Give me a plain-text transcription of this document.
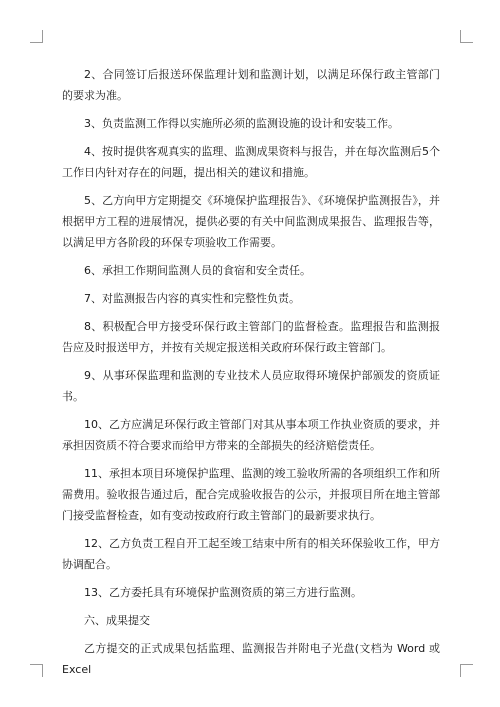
2、合同签订后报送环保监理计划和监测计划，以满足环保行政主管部门的要求为准。

3、负责监测工作得以实施所必须的监测设施的设计和安装工作。

4、按时提供客观真实的监理、监测成果资料与报告，并在每次监测后5个工作日内针对存在的问题，提出相关的建议和措施。

5、乙方向甲方定期提交《环境保护监理报告》、《环境保护监测报告》，并根据甲方工程的进展情况，提供必要的有关中间监测成果报告、监理报告等，以满足甲方各阶段的环保专项验收工作需要。

6、承担工作期间监测人员的食宿和安全责任。

7、对监测报告内容的真实性和完整性负责。

8、积极配合甲方接受环保行政主管部门的监督检查。监理报告和监测报告应及时报送甲方，并按有关规定报送相关政府环保行政主管部门。

9、从事环保监理和监测的专业技术人员应取得环境保护部颁发的资质证书。

10、乙方应满足环保行政主管部门对其从事本项工作执业资质的要求，并承担因资质不符合要求而给甲方带来的全部损失的经济赔偿责任。

11、承担本项目环境保护监理、监测的竣工验收所需的各项组织工作和所需费用。验收报告通过后，配合完成验收报告的公示，并报项目所在地主管部门接受监督检查，如有变动按政府行政主管部门的最新要求执行。

12、乙方负责工程自开工起至竣工结束中所有的相关环保验收工作，甲方协调配合。

13、乙方委托具有环境保护监测资质的第三方进行监测。

六、成果提交

乙方提交的正式成果包括监理、监测报告并附电子光盘(文档为 Word 或 Excel
